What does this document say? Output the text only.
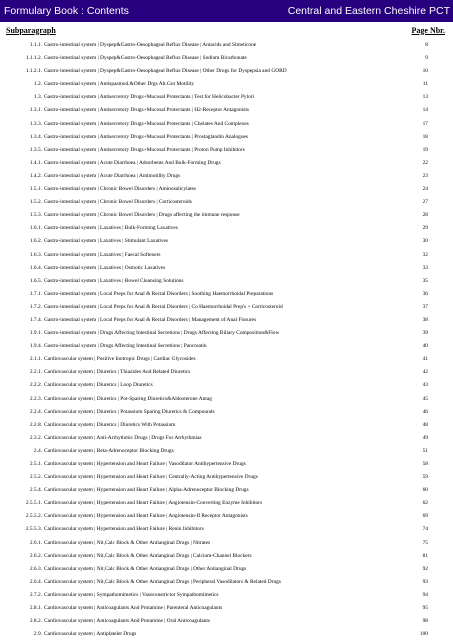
Formulary Book : Contents	Central and Eastern Cheshire PCT
Subparagraph	Page Nbr.
1.1.1. Gastro-intestinal system | Dyspep&Gastro-Oesophageal Reflux Disease | Antacids and Simeticone	8
1.1.1.2. Gastro-intestinal system | Dyspep&Gastro-Oesophageal Reflux Disease | Sodium Bicarbonate	9
1.1.2.1. Gastro-intestinal system | Dyspep&Gastro-Oesophageal Reflux Disease | Other Drugs for Dyspepsia and GORD	10
1.2. Gastro-intestinal system | Antispasmod.&Other Drgs Alt.Gut Motility	11
1.3. Gastro-intestinal system | Antisecretory Drugs+Mucosal Protectants | Test for Helicobacter Pylori	13
1.3.1. Gastro-intestinal system | Antisecretory Drugs+Mucosal Protectants | H2-Receptor Antagonists	14
1.3.3. Gastro-intestinal system | Antisecretory Drugs+Mucosal Protectants | Chelates And Complexes	17
1.3.4. Gastro-intestinal system | Antisecretory Drugs+Mucosal Protectants | Prostaglandin Analogues	18
1.3.5. Gastro-intestinal system | Antisecretory Drugs+Mucosal Protectants | Proton Pump Inhibitors	19
1.4.1. Gastro-intestinal system | Acute Diarrhoea | Adsorbents And Bulk-Forming Drugs	22
1.4.2. Gastro-intestinal system | Acute Diarrhoea | Antimotility Drugs	23
1.5.1. Gastro-intestinal system | Chronic Bowel Disorders | Aminosalicylates	24
1.5.2. Gastro-intestinal system | Chronic Bowel Disorders | Corticosteroids	27
1.5.3. Gastro-intestinal system | Chronic Bowel Disorders | Drugs affecting the immune response	28
1.6.1. Gastro-intestinal system | Laxatives | Bulk-Forming Laxatives	29
1.6.2. Gastro-intestinal system | Laxatives | Stimulant Laxatives	30
1.6.3. Gastro-intestinal system | Laxatives | Faecal Softeners	32
1.6.4. Gastro-intestinal system | Laxatives | Osmotic Laxatives	33
1.6.5. Gastro-intestinal system | Laxatives | Bowel Cleansing Solutions	35
1.7.1. Gastro-intestinal system | Local Preps for Anal & Rectal Disorders | Soothing Haemorrhoidal Preparations	36
1.7.2. Gastro-intestinal system | Local Preps for Anal & Rectal Disorders | Co Haemorrhoidal Prep's + Corticosteroid	37
1.7.4. Gastro-intestinal system | Local Preps for Anal & Rectal Disorders | Management of Anal Fissures	38
1.9.1. Gastro-intestinal system | Drugs Affecting Intestinal Secretions | Drugs Affecting Biliary Composition&Flow	39
1.9.4. Gastro-intestinal system | Drugs Affecting Intestinal Secretions | Pancreatin	40
2.1.1. Cardiovascular system | Positive Inotropic Drugs | Cardiac Glycosides	41
2.2.1. Cardiovascular system | Diuretics | Thiazides And Related Diuretics	42
2.2.2. Cardiovascular system | Diuretics | Loop Diuretics	43
2.2.3. Cardiovascular system | Diuretics | Pot-Sparing Diuretics&Aldosterone Antag	45
2.2.4. Cardiovascular system | Diuretics | Potassium Sparing Diuretics & Compounds	46
2.2.8. Cardiovascular system | Diuretics | Diuretics With Potassium	48
2.3.2. Cardiovascular system | Anti-Arrhythmic Drugs | Drugs For Arrhythmias	49
2.4. Cardiovascular system | Beta-Adrenoceptor Blocking Drugs	51
2.5.1. Cardiovascular system | Hypertension and Heart Failure | Vasodilator Antihypertensive Drugs	58
2.5.2. Cardiovascular system | Hypertension and Heart Failure | Centrally-Acting Antihypertensive Drugs	59
2.5.4. Cardiovascular system | Hypertension and Heart Failure | Alpha-Adrenoceptor Blocking Drugs	60
2.5.5.1. Cardiovascular system | Hypertension and Heart Failure | Angiotensin-Converting Enzyme Inhibitors	62
2.5.5.2. Cardiovascular system | Hypertension and Heart Failure | Angiotensin-II Receptor Antagonists	69
2.5.5.3. Cardiovascular system | Hypertension and Heart Failure | Renin Inhibitors	74
2.6.1. Cardiovascular system | Nit,Calc Block & Other Antianginal Drugs | Nitrates	75
2.6.2. Cardiovascular system | Nit,Calc Block & Other Antianginal Drugs | Calcium-Channel Blockers	81
2.6.3. Cardiovascular system | Nit,Calc Block & Other Antianginal Drugs | Other Antianginal Drugs	92
2.6.4. Cardiovascular system | Nit,Calc Block & Other Antianginal Drugs | Peripheral Vasodilators & Related Drugs	93
2.7.2. Cardiovascular system | Sympathomimetics | Vasoconstrictor Sympathomimetics	94
2.8.1. Cardiovascular system | Anticoagulants And Protamine | Parenteral Anticoagulants	95
2.8.2. Cardiovascular system | Anticoagulants And Protamine | Oral Anticoagulants	98
2.9. Cardiovascular system | Antiplatelet Drugs	100
